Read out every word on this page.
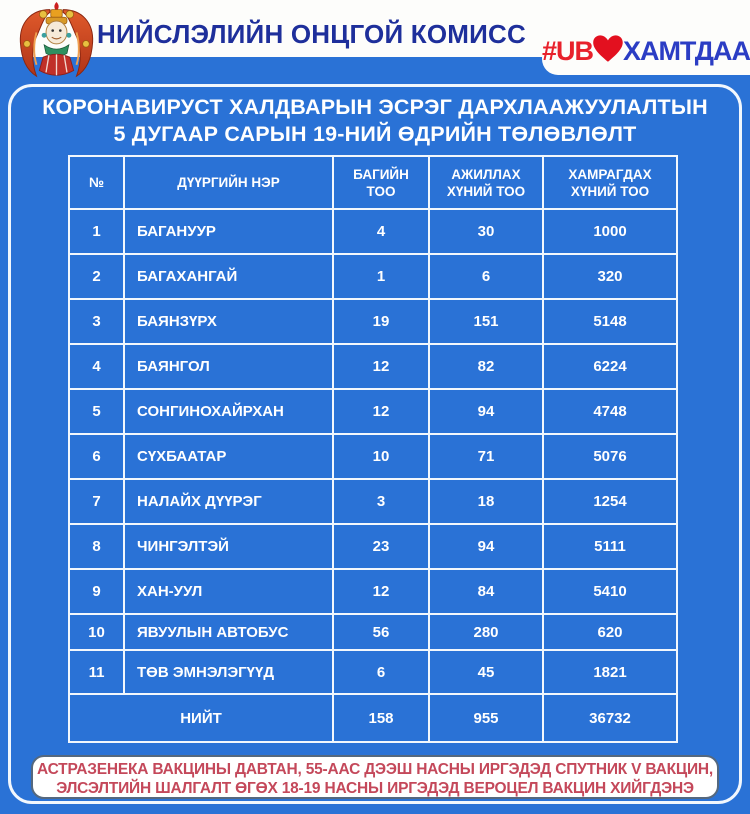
НИЙСЛЭЛИЙН ОНЦГОЙ КОМИСС
#UB ХАМТДАА
КОРОНАВИРУСТ ХАЛДВАРЫН ЭСРЭГ ДАРХЛААЖУУЛАЛТЫН
5 ДУГААР САРЫН 19-НИЙ ӨДРИЙН ТӨЛӨВЛӨЛТ
№	ДҮҮРГИЙН НЭР	БАГИЙН ТОО	АЖИЛЛАХ ХҮНИЙ ТОО	ХАМРАГДАХ ХҮНИЙ ТОО
1	БАГАНУУР	4	30	1000
2	БАГАХАНГАЙ	1	6	320
3	БАЯНЗҮРХ	19	151	5148
4	БАЯНГОЛ	12	82	6224
5	СОНГИНОХАЙРХАН	12	94	4748
6	СҮХБААТАР	10	71	5076
7	НАЛАЙХ ДҮҮРЭГ	3	18	1254
8	ЧИНГЭЛТЭЙ	23	94	5111
9	ХАН-УУЛ	12	84	5410
10	ЯВУУЛЫН АВТОБУС	56	280	620
11	ТӨВ ЭМНЭЛЭГҮҮД	6	45	1821
НИЙТ		158	955	36732
АСТРАЗЕНЕКА ВАКЦИНЫ ДАВТАН, 55-ААС ДЭЭШ НАСНЫ ИРГЭДЭД СПУТНИК V ВАКЦИН,
ЭЛСЭЛТИЙН ШАЛГАЛТ ӨГӨХ 18-19 НАСНЫ ИРГЭДЭД ВЕРОЦЕЛ ВАКЦИН ХИЙГДЭНЭ
